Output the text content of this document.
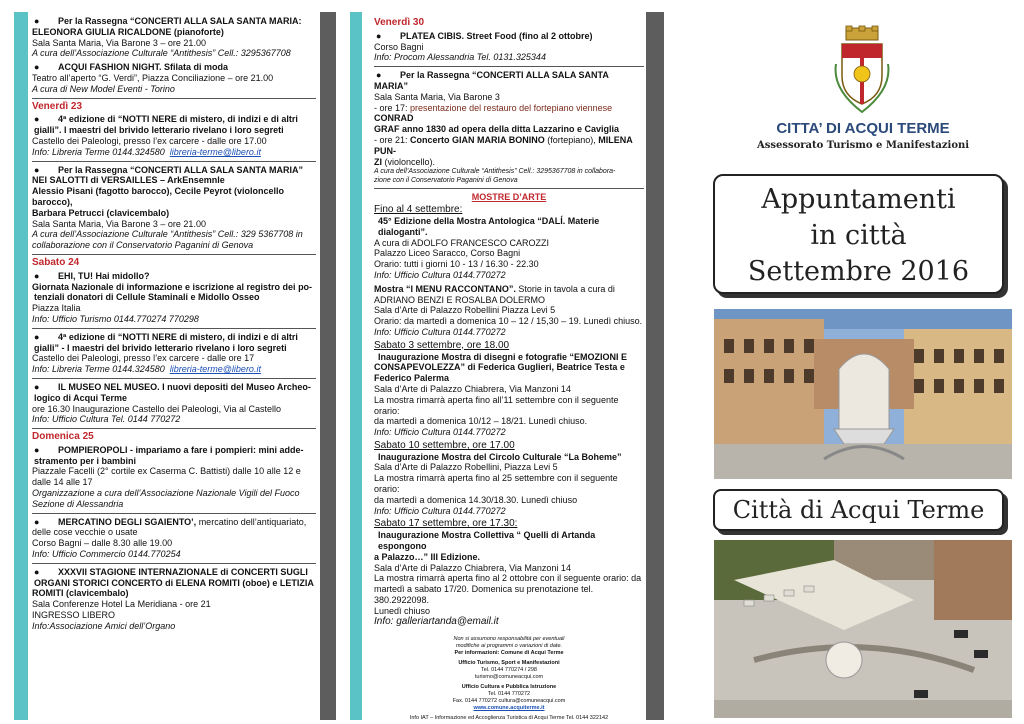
● Per la Rassegna “CONCERTI ALLA SALA SANTA MARIA:
ELEONORA GIULIA RICALDONE (pianoforte)
Sala Santa Maria, Via Barone 3 – ore 21.00
A cura dell’Associazione Culturale “Antithesis” Cell.: 3295367708
● ACQUI FASHION NIGHT. Sfilata di moda
Teatro all’aperto “G. Verdi”, Piazza Conciliazione – ore 21.00
A cura di New Model Eventi - Torino
Venerdì 23
● 4ª edizione di “NOTTI NERE di mistero, di indizi e di altri
gialli”. I maestri del brivido letterario rivelano i loro segreti
Castello dei Paleologi, presso l’ex carcere - dalle ore 17.00
Info: Libreria Terme 0144.324580 libreria-terme@libero.it
● Per la Rassegna “CONCERTI ALLA SALA SANTA MARIA”
NEI SALOTTI di VERSAILLES – ArkEnsemnle
Alessio Pisani (fagotto barocco), Cecile Peyrot (violoncello barocco),
Barbara Petrucci (clavicembalo)
Sala Santa Maria, Via Barone 3 – ore 21.00
A cura dell’Associazione Culturale “Antithesis” Cell.: 329 5367708 in
collaborazione con il Conservatorio Paganini di Genova
Sabato 24
● EHI, TU! Hai midollo?
Giornata Nazionale di informazione e iscrizione al registro dei po-
tenziali donatori di Cellule Staminali e Midollo Osseo
Piazza Italia
Info: Ufficio Turismo 0144.770274 770298
● 4ª edizione di “NOTTI NERE di mistero, di indizi e di altri
gialli” - I maestri del brivido letterario rivelano i loro segreti
Castello dei Paleologi, presso l’ex carcere - dalle ore 17
Info: Libreria Terme 0144.324580 libreria-terme@libero.it
● IL MUSEO NEL MUSEO. I nuovi depositi del Museo Archeo-
logico di Acqui Terme
ore 16.30 Inaugurazione Castello dei Paleologi, Via al Castello
Info: Ufficio Cultura Tel. 0144 770272
Domenica 25
● POMPIEROPOLI - impariamo a fare i pompieri: mini adde-
stramento per i bambini
Piazzale Facelli (2° cortile ex Caserma C. Battisti) dalle 10 alle 12 e
dalle 14 alle 17
Organizzazione a cura dell’Associazione Nazionale Vigili del Fuoco
Sezione di Alessandria
● MERCATINO DEGLI SGAIENTO’, mercatino dell’antiquariato,
delle cose vecchie o usate
Corso Bagni – dalle 8.30 alle 19.00
Info: Ufficio Commercio 0144.770254
● XXXVII STAGIONE INTERNAZIONALE di CONCERTI SUGLI
ORGANI STORICI CONCERTO di ELENA ROMITI (oboe) e LETIZIA
ROMITI (clavicembalo)
Sala Conferenze Hotel La Meridiana - ore 21
INGRESSO LIBERO
Info:Associazione Amici dell’Organo
Venerdì 30
● PLATEA CIBIS. Street Food (fino al 2 ottobre)
Corso Bagni
Info: Procom Alessandria Tel. 0131.325344
● Per la Rassegna “CONCERTI ALLA SALA SANTA MARIA”
Sala Santa Maria, Via Barone 3
- ore 17: presentazione del restauro del fortepiano viennese CONRAD
GRAF anno 1830 ad opera della ditta Lazzarino e Caviglia
- ore 21: Concerto GIAN MARIA BONINO (fortepiano), MILENA PUN-
ZI (violoncello).
A cura dell’Associazione Culturale “Antithesis” Cell.: 3295367708 in collabora-
zione con il Conservatorio Paganini di Genova
MOSTRE D’ARTE
Fino al 4 settembre:
45° Edizione della Mostra Antologica “DALÍ. Materie dialoganti”.
A cura di ADOLFO FRANCESCO CAROZZI
Palazzo Liceo Saracco, Corso Bagni
Orario: tutti i giorni 10 - 13 / 16.30 - 22.30
Info: Ufficio Cultura 0144.770272
Mostra “I MENU RACCONTANO”. Storie in tavola a cura di
ADRIANO BENZI E ROSALBA DOLERMO
Sala d’Arte di Palazzo Robellini Piazza Levi 5
Orario: da martedì a domenica 10 – 12 / 15,30 – 19. Lunedì chiuso.
Info: Ufficio Cultura 0144.770272
Sabato 3 settembre, ore 18.00
Inaugurazione Mostra di disegni e fotografie “EMOZIONI E
CONSAPEVOLEZZA” di Federica Guglieri, Beatrice Testa e
Federico Palerma
Sala d’Arte di Palazzo Chiabrera, Via Manzoni 14
La mostra rimarrà aperta fino all’11 settembre con il seguente orario:
da martedì a domenica 10/12 – 18/21. Lunedì chiuso.
Info: Ufficio Cultura 0144.770272
Sabato 10 settembre, ore 17.00
Inaugurazione Mostra del Circolo Culturale “La Boheme”
Sala d’Arte di Palazzo Robellini, Piazza Levi 5
La mostra rimarrà aperta fino al 25 settembre con il seguente orario:
da martedì a domenica 14.30/18.30. Lunedì chiuso
Info: Ufficio Cultura 0144.770272
Sabato 17 settembre, ore 17.30:
Inaugurazione Mostra Collettiva “ Quelli di Artanda espongono
a Palazzo…” III Edizione.
Sala d’Arte di Palazzo Chiabrera, Via Manzoni 14
La mostra rimarrà aperta fino al 2 ottobre con il seguente orario: da
martedì a sabato 17/20. Domenica su prenotazione tel. 380.2922098.
Lunedì chiuso
Info: galleriartanda@email.it
Non si assumono responsabilità per eventuali
modifiche ai programmi o variazioni di date.
Per informazioni: Comune di Acqui Terme
Ufficio Turismo, Sport e Manifestazioni
Tel. 0144 770274 / 298
turismo@comuneacqui.com
Ufficio Cultura e Pubblica Istruzione
Tel. 0144 770272
Fax. 0144 770272 cultura@comuneacqui.com
www.comune.acquiterme.it
Info IAT – Informazione ed Accoglienza Turistica di Acqui Terme Tel. 0144 322142
CITTA’ DI ACQUI TERME
Assessorato Turismo e Manifestazioni
Appuntamenti
in città
Settembre 2016
Città di Acqui Terme
